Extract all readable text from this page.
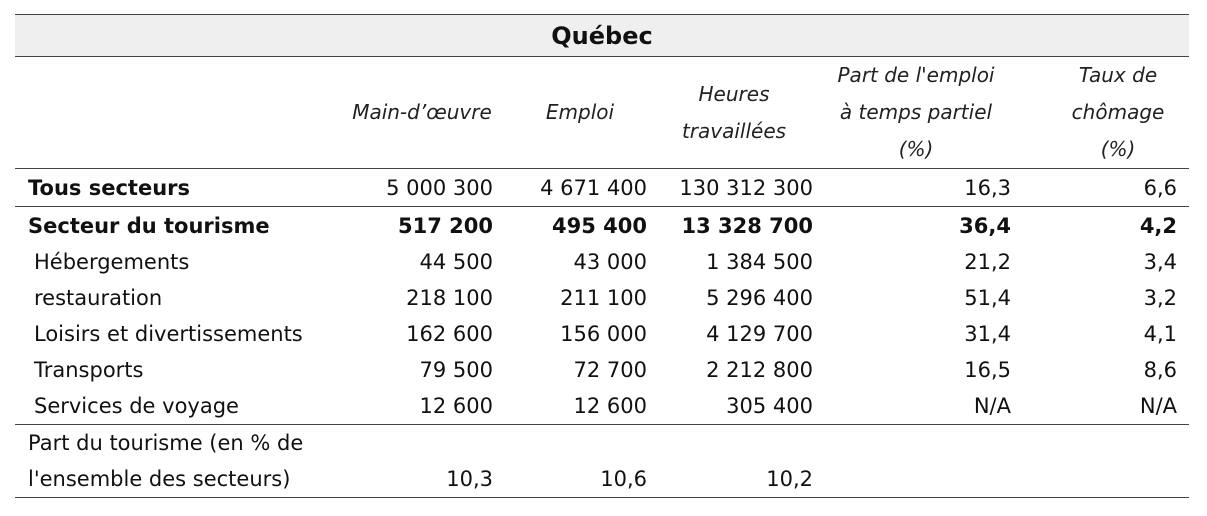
Québec					
	Main-d’œuvre	Emploi	Heures travaillées	Part de l'emploi à temps partiel (%)	Taux de chômage (%)
Tous secteurs	5 000 300	4 671 400	130 312 300	16,3	6,6
Secteur du tourisme	517 200	495 400	13 328 700	36,4	4,2
Hébergements	44 500	43 000	1 384 500	21,2	3,4
restauration	218 100	211 100	5 296 400	51,4	3,2
Loisirs et divertissements	162 600	156 000	4 129 700	31,4	4,1
Transports	79 500	72 700	2 212 800	16,5	8,6
Services de voyage	12 600	12 600	305 400	N/A	N/A

Part du tourisme (en % de
l'ensemble des secteurs)	10,3	10,6	10,2		
